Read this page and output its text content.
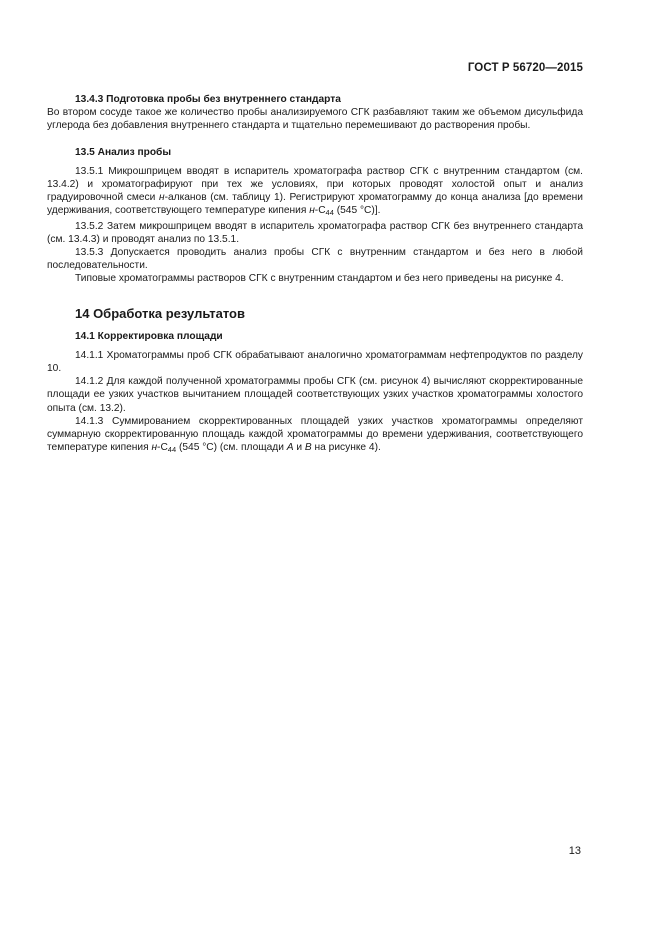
ГОСТ Р 56720—2015
13.4.3 Подготовка пробы без внутреннего стандарта

Во втором сосуде такое же количество пробы анализируемого СГК разбавляют таким же объемом дисульфида углерода без добавления внутреннего стандарта и тщательно перемешивают до растворения пробы.

13.5 Анализ пробы

13.5.1 Микрошприцем вводят в испаритель хроматографа раствор СГК с внутренним стандартом (см. 13.4.2) и хроматографируют при тех же условиях, при которых проводят холостой опыт и анализ градуировочной смеси н-алканов (см. таблицу 1). Регистрируют хроматограмму до конца анализа [до времени удерживания, соответствующего температуре кипения $н-C_{44}$ (545 °C)].

13.5.2 Затем микрошприцем вводят в испаритель хроматографа раствор СГК без внутреннего стандарта (см. 13.4.3) и проводят анализ по 13.5.1.

13.5.3 Допускается проводить анализ пробы СГК с внутренним стандартом и без него в любой последовательности.

Типовые хроматограммы растворов СГК с внутренним стандартом и без него приведены на рисунке 4.

14 Обработка результатов
14.1 Корректировка площади

14.1.1 Хроматограммы проб СГК обрабатывают аналогично хроматограммам нефтепродуктов по разделу 10.

14.1.2 Для каждой полученной хроматограммы пробы СГК (см. рисунок 4) вычисляют скорректированные площади ее узких участков вычитанием площадей соответствующих узких участков хроматограммы холостого опыта (см. 13.2).

14.1.3 Суммированием скорректированных площадей узких участков хроматограммы определяют суммарную скорректированную площадь каждой хроматограммы до времени удерживания, соответствующего температуре кипения $н-C_{44}$ (545 °C) (см. площади A и B на рисунке 4).

13
